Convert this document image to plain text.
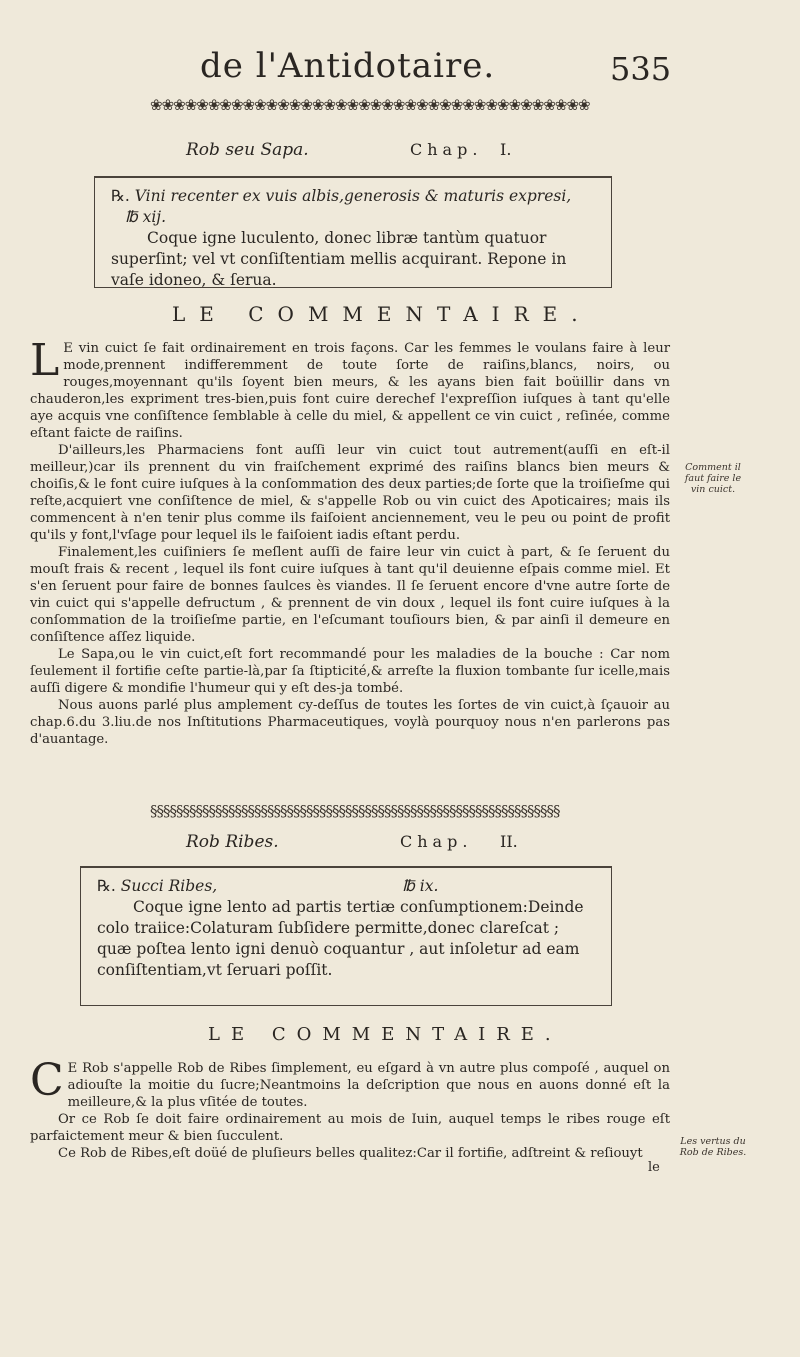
de l'Antidotaire.	535
❀❀❀❀❀❀❀❀❀❀❀❀❀❀❀❀❀❀❀❀❀❀❀❀❀❀❀❀❀❀❀❀❀❀❀❀❀❀
Rob seu Sapa.	Chap. I.
℞. Vini recenter ex vuis albis,generosis & maturis expresi, ℔ xij.

Coque igne luculento, donec libræ tantùm quatuor superſint; vel vt conſiſtentiam mellis acquirant. Repone in vaſe idoneo, & ſerua.

LE COMMENTAIRE.

L E vin cuict ſe fait ordinairement en trois façons. Car les femmes le voulans faire à leur mode,prennent indifferemment de toute ſorte de raiſins,blancs, noirs, ou rouges,moyennant qu'ils ſoyent bien meurs, & les ayans bien fait boüillir dans vn chauderon,les expriment tres-bien,puis font cuire derechef l'expreſſion iuſques à tant qu'elle aye acquis vne conſiſtence ſemblable à celle du miel, & appellent ce vin cuict , reſinée, comme eſtant faicte de raiſins.

D'ailleurs,les Pharmaciens font auſſi leur vin cuict tout autrement(auſſi en eſt-il meilleur,)car ils prennent du vin fraiſchement exprimé des raiſins blancs bien meurs & choiſis,& le font cuire iuſques à la conſommation des deux parties;de ſorte que la troiſieſme qui reſte,acquiert vne conſiſtence de miel, & s'appelle Rob ou vin cuict des Apoticaires; mais ils commencent à n'en tenir plus comme ils faiſoient anciennement, veu le peu ou point de profit qu'ils y font,l'vſage pour lequel ils le faiſoient iadis eſtant perdu.

Finalement,les cuiſiniers ſe meſlent auſſi de faire leur vin cuict à part, & ſe ſeruent du mouſt frais & recent , lequel ils font cuire iuſques à tant qu'il deuienne eſpais comme miel. Et s'en ſeruent pour faire de bonnes ſaulces ès viandes. Il ſe ſeruent encore d'vne autre ſorte de vin cuict qui s'appelle defructum , & prennent de vin doux , lequel ils font cuire iuſques à la conſommation de la troiſieſme partie, en l'eſcumant touſiours bien, & par ainſi il demeure en conſiſtence aſſez liquide.

Le Sapa,ou le vin cuict,eſt fort recommandé pour les maladies de la bouche : Car nom ſeulement il fortifie ceſte partie-là,par ſa ſtipticité,& arreſte la fluxion tombante ſur icelle,mais auſſi digere & mondifie l'humeur qui y eſt des-ja tombé.

Nous auons parlé plus amplement cy-deſſus de toutes les ſortes de vin cuict,à ſçauoir au chap.6.du 3.liu.de nos Inſtitutions Pharmaceutiques, voylà pourquoy nous n'en parlerons pas d'auantage.

Comment il faut faire le vin cuict.
§§§§§§§§§§§§§§§§§§§§§§§§§§§§§§§§§§§§§§§§§§§§§§§§§§§§§§§§§§§§§§§
Rob Ribes.	Chap. II.
℞. Succi Ribes,	℔ ix.

Coque igne lento ad partis tertiæ conſumptionem:Deinde colo traiice:Colaturam ſubſidere permitte,donec clareſcat ; quæ poſtea lento igni denuò coquantur , aut inſoletur ad eam conſiſtentiam,vt ſeruari poſſit.

LE COMMENTAIRE.

C E Rob s'appelle Rob de Ribes ſimplement, eu eſgard à vn autre plus compoſé , auquel on adiouſte la moitie du ſucre;Neantmoins la deſcription que nous en auons donné eſt la meilleure,& la plus vſitée de toutes.

Or ce Rob ſe doit faire ordinairement au mois de Iuin, auquel temps le ribes rouge eſt parfaictement meur & bien ſucculent.

Ce Rob de Ribes,eſt doüé de pluſieurs belles qualitez:Car il fortifie, adſtreint & reſiouyt

Les vertus du Rob de Ribes.
le
